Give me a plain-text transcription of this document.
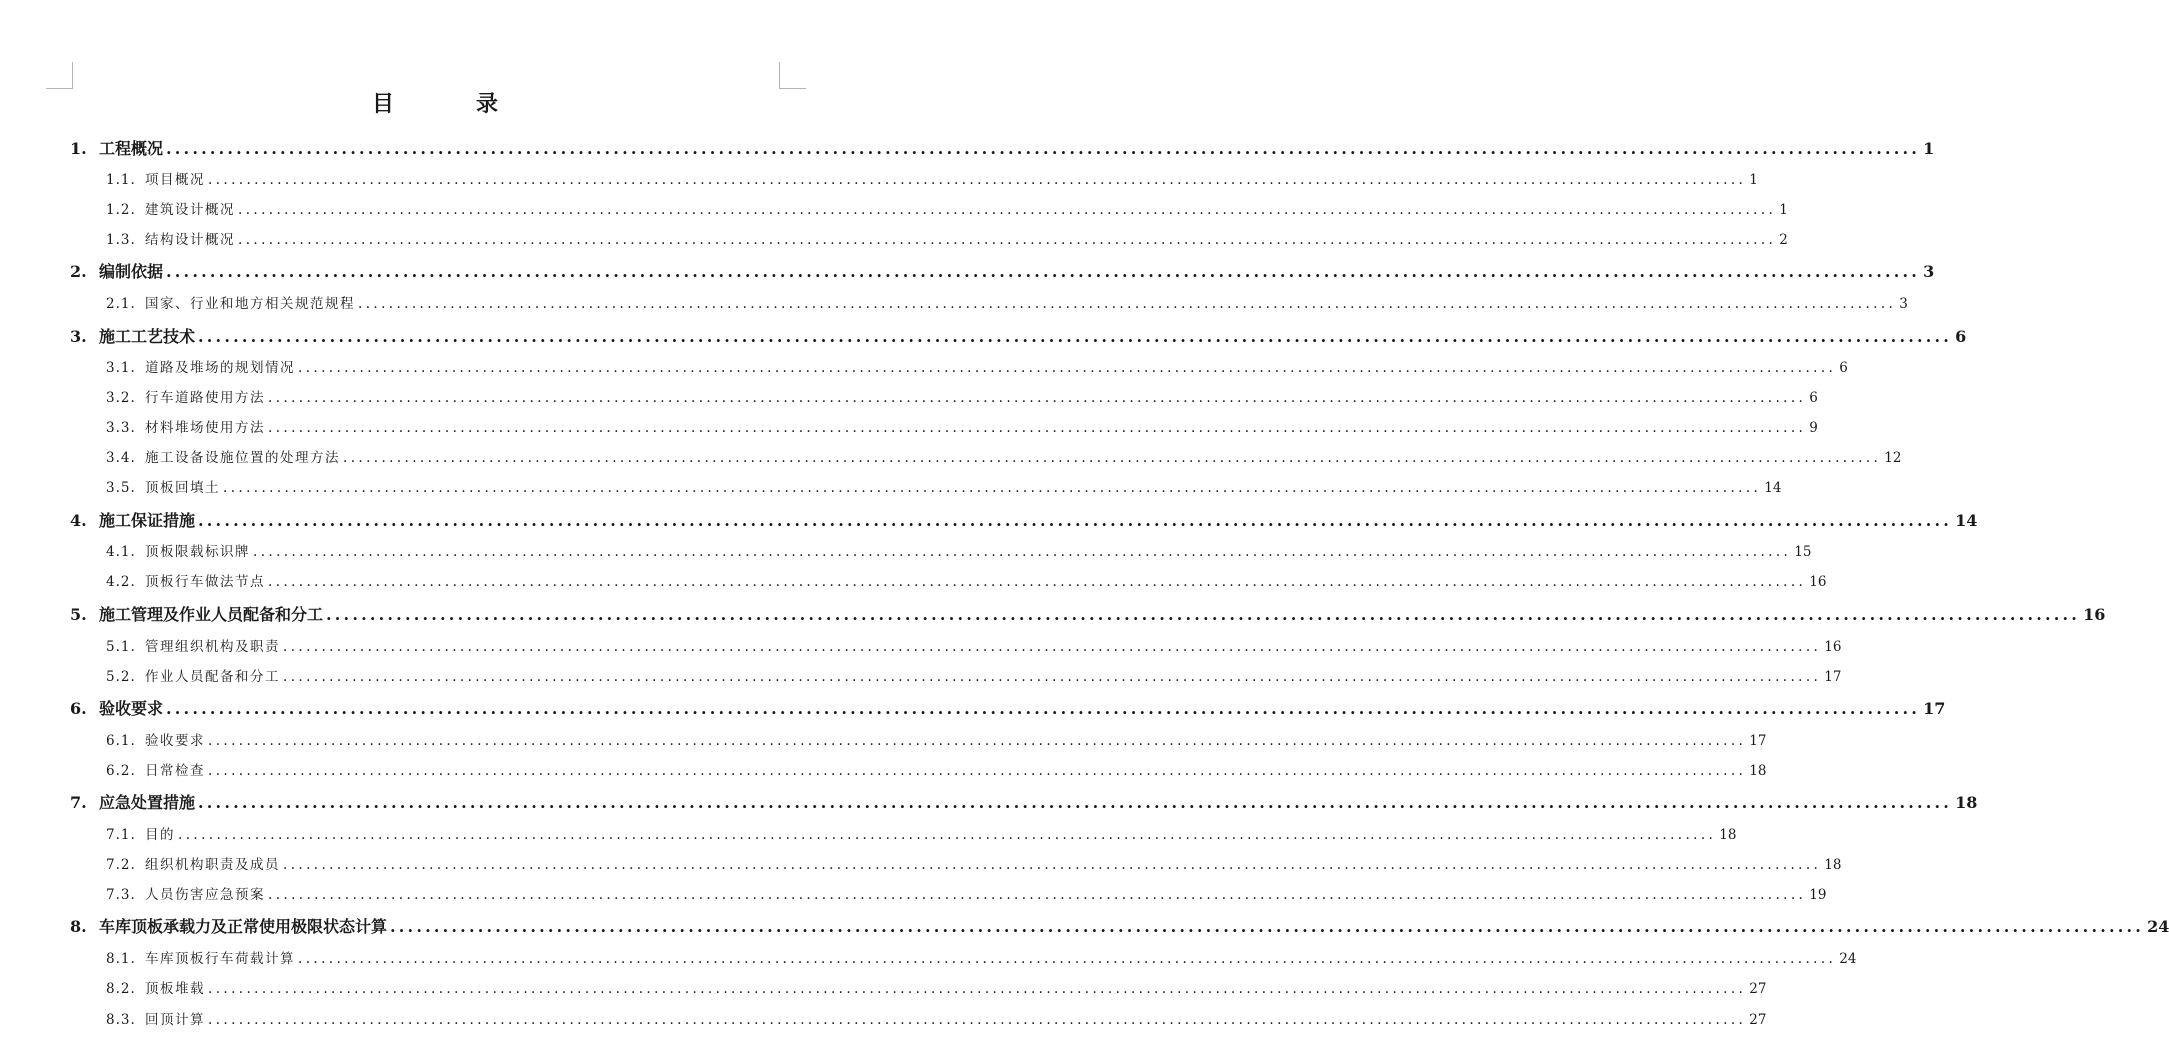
目　录
1. 工程概况 ........................................................................................................................................................................................................ 1
1.1. 项目概况 ........................................................................................................................................................................................................ 1
1.2. 建筑设计概况 ........................................................................................................................................................................................................ 1
1.3. 结构设计概况 ........................................................................................................................................................................................................ 2
2. 编制依据 ........................................................................................................................................................................................................ 3
2.1. 国家、行业和地方相关规范规程 ........................................................................................................................................................................................................ 3
3. 施工工艺技术 ........................................................................................................................................................................................................ 6
3.1. 道路及堆场的规划情况 ........................................................................................................................................................................................................ 6
3.2. 行车道路使用方法 ........................................................................................................................................................................................................ 6
3.3. 材料堆场使用方法 ........................................................................................................................................................................................................ 9
3.4. 施工设备设施位置的处理方法 ........................................................................................................................................................................................................ 12
3.5. 顶板回填土 ........................................................................................................................................................................................................ 14
4. 施工保证措施 ........................................................................................................................................................................................................ 14
4.1. 顶板限载标识牌 ........................................................................................................................................................................................................ 15
4.2. 顶板行车做法节点 ........................................................................................................................................................................................................ 16
5. 施工管理及作业人员配备和分工 ........................................................................................................................................................................................................ 16
5.1. 管理组织机构及职责 ........................................................................................................................................................................................................ 16
5.2. 作业人员配备和分工 ........................................................................................................................................................................................................ 17
6. 验收要求 ........................................................................................................................................................................................................ 17
6.1. 验收要求 ........................................................................................................................................................................................................ 17
6.2. 日常检查 ........................................................................................................................................................................................................ 18
7. 应急处置措施 ........................................................................................................................................................................................................ 18
7.1. 目的 ........................................................................................................................................................................................................ 18
7.2. 组织机构职责及成员 ........................................................................................................................................................................................................ 18
7.3. 人员伤害应急预案 ........................................................................................................................................................................................................ 19
8. 车库顶板承载力及正常使用极限状态计算 ........................................................................................................................................................................................................ 24
8.1. 车库顶板行车荷载计算 ........................................................................................................................................................................................................ 24
8.2. 顶板堆载 ........................................................................................................................................................................................................ 27
8.3. 回顶计算 ........................................................................................................................................................................................................ 27
